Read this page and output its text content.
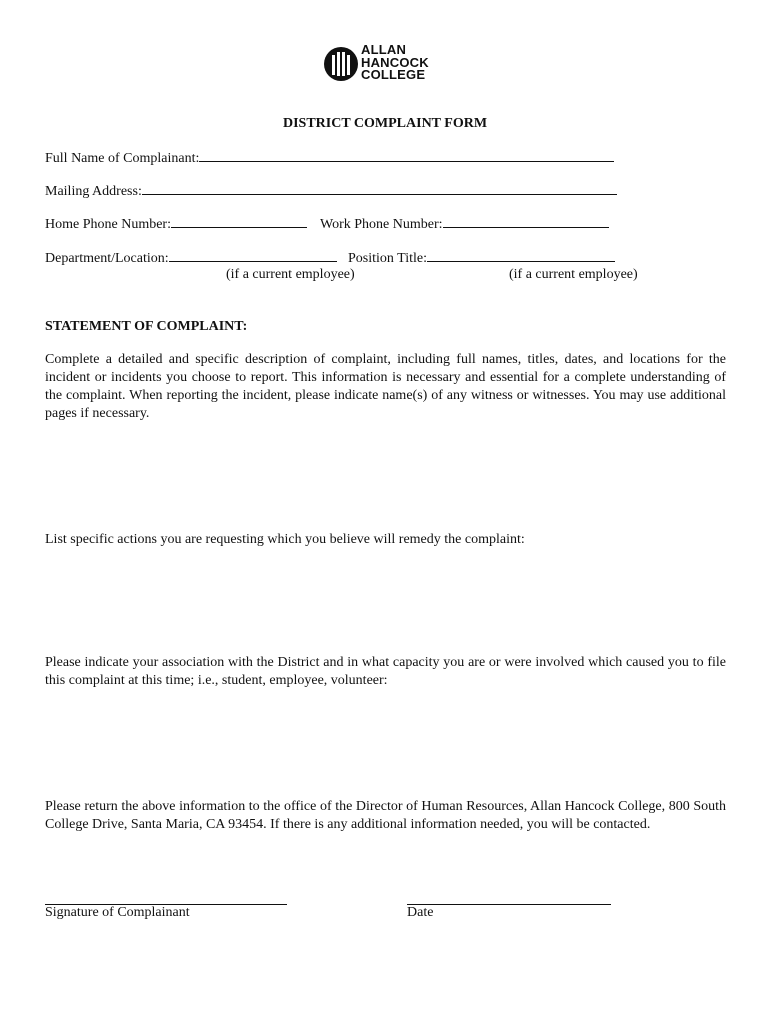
ALLAN
HANCOCK
COLLEGE
DISTRICT COMPLAINT FORM
Full Name of Complainant:
Mailing Address:
Home Phone Number:	Work Phone Number:
Department/Location:	Position Title:
(if a current employee)	(if a current employee)
STATEMENT OF COMPLAINT:
Complete a detailed and specific description of complaint, including full names, titles, dates, and locations for the incident or incidents you choose to report. This information is necessary and essential for a complete understanding of the complaint. When reporting the incident, please indicate name(s) of any witness or witnesses. You may use additional pages if necessary.
List specific actions you are requesting which you believe will remedy the complaint:
Please indicate your association with the District and in what capacity you are or were involved which caused you to file this complaint at this time; i.e., student, employee, volunteer:
Please return the above information to the office of the Director of Human Resources, Allan Hancock College, 800 South College Drive, Santa Maria, CA 93454. If there is any additional information needed, you will be contacted.
Signature of Complainant	Date
